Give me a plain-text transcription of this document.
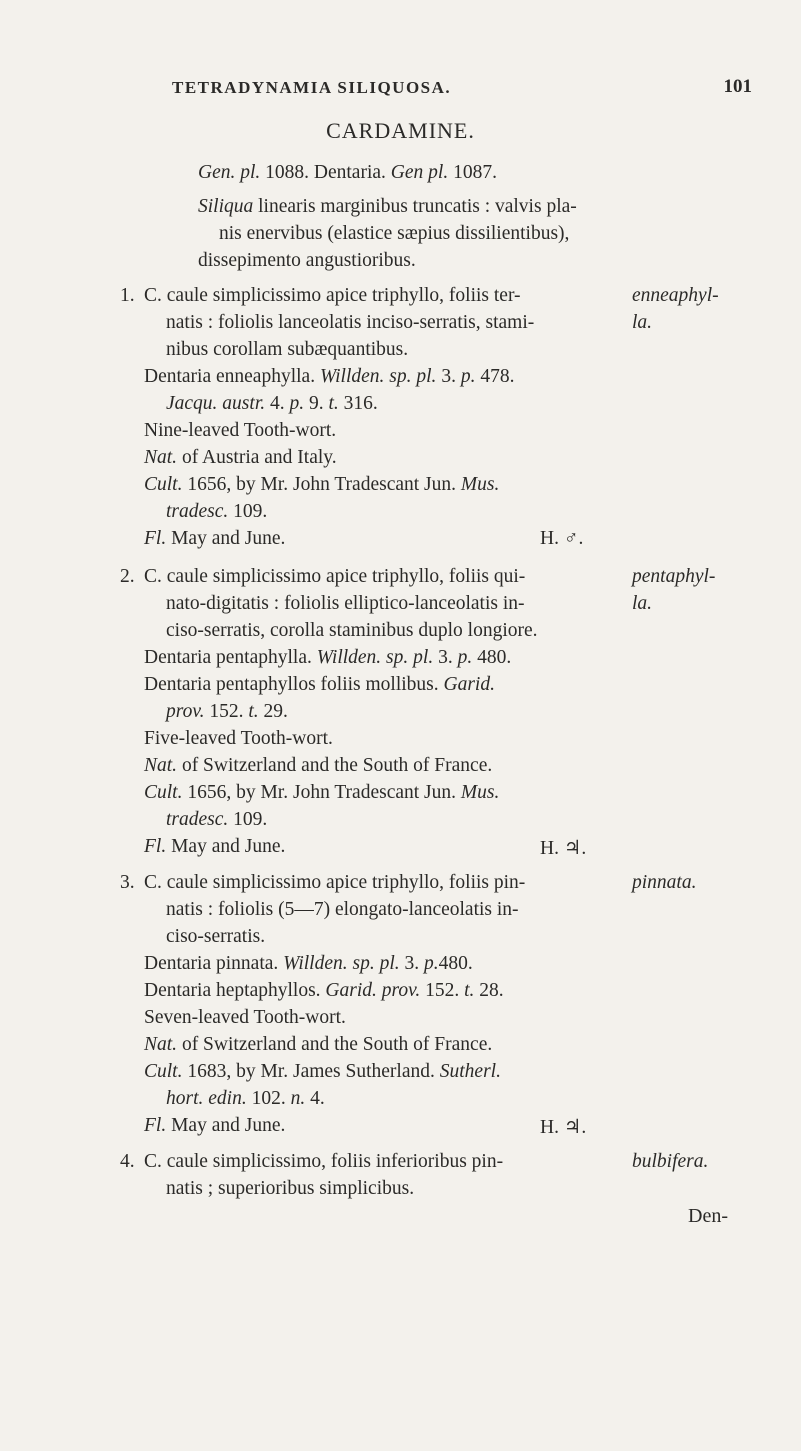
TETRADYNAMIA SILIQUOSA.	101
CARDAMINE.
Gen. pl. 1088. Dentaria. Gen pl. 1087.
Siliqua linearis marginibus truncatis : valvis pla-
nis enervibus (elastice sæpius dissilientibus),
dissepimento angustioribus.
1.	enneaphyl-
la.
C. caule simplicissimo apice triphyllo, foliis ter-
natis : foliolis lanceolatis inciso-serratis, stami-
nibus corollam subæquantibus.
Dentaria enneaphylla. Willden. sp. pl. 3. p. 478.
Jacqu. austr. 4. p. 9. t. 316.
Nine-leaved Tooth-wort.
Nat. of Austria and Italy.
Cult. 1656, by Mr. John Tradescant Jun. Mus.
tradesc. 109.
Fl. May and June.	H. ♂.
2.	pentaphyl-
la.
C. caule simplicissimo apice triphyllo, foliis qui-
nato-digitatis : foliolis elliptico-lanceolatis in-
ciso-serratis, corolla staminibus duplo longiore.
Dentaria pentaphylla. Willden. sp. pl. 3. p. 480.
Dentaria pentaphyllos foliis mollibus. Garid.
prov. 152. t. 29.
Five-leaved Tooth-wort.
Nat. of Switzerland and the South of France.
Cult. 1656, by Mr. John Tradescant Jun. Mus.
tradesc. 109.
Fl. May and June.	H. ♃.
3.	pinnata.
C. caule simplicissimo apice triphyllo, foliis pin-
natis : foliolis (5—7) elongato-lanceolatis in-
ciso-serratis.
Dentaria pinnata. Willden. sp. pl. 3. p.480.
Dentaria heptaphyllos. Garid. prov. 152. t. 28.
Seven-leaved Tooth-wort.
Nat. of Switzerland and the South of France.
Cult. 1683, by Mr. James Sutherland. Sutherl.
hort. edin. 102. n. 4.
Fl. May and June.	H. ♃.
4.	bulbifera.
C. caule simplicissimo, foliis inferioribus pin-
natis ; superioribus simplicibus.
Den-
